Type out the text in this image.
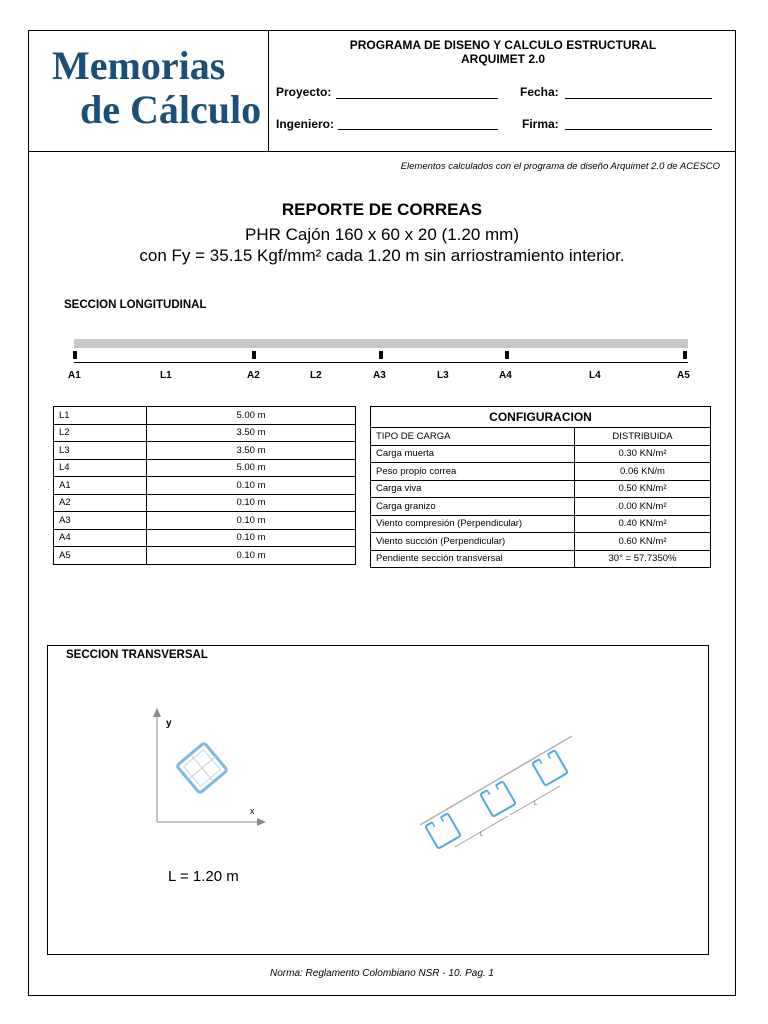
Memorias
de Cálculo
PROGRAMA DE DISENO Y CALCULO ESTRUCTURAL
ARQUIMET 2.0
Proyecto:	Fecha:
Ingeniero:	Firma:
Elementos calculados con el programa de diseño Arquimet 2.0 de ACESCO
REPORTE DE CORREAS
PHR Cajón 160 x 60 x 20 (1.20 mm)
con Fy = 35.15 Kgf/mm² cada 1.20 m sin arriostramiento interior.
SECCION LONGITUDINAL
A1	A2	A3	A4	A5
L1	L2	L3	L4
L1	5.00 m
L2	3.50 m
L3	3.50 m
L4	5.00 m
A1	0.10 m
A2	0.10 m
A3	0.10 m
A4	0.10 m
A5	0.10 m
CONFIGURACION	
TIPO DE CARGA	DISTRIBUIDA
Carga muerta	0.30 KN/m²
Peso propio correa	0.06 KN/m
Carga viva	0.50 KN/m²
Carga granizo	0.00 KN/m²
Viento compresión (Perpendicular)	0.40 KN/m²
Viento succión (Perpendicular)	0.60 KN/m²
Pendiente sección transversal	30° = 57.7350%
SECCION TRANSVERSAL
y
x
L
L
L = 1.20 m
Norma: Reglamento Colombiano NSR - 10. Pag. 1
